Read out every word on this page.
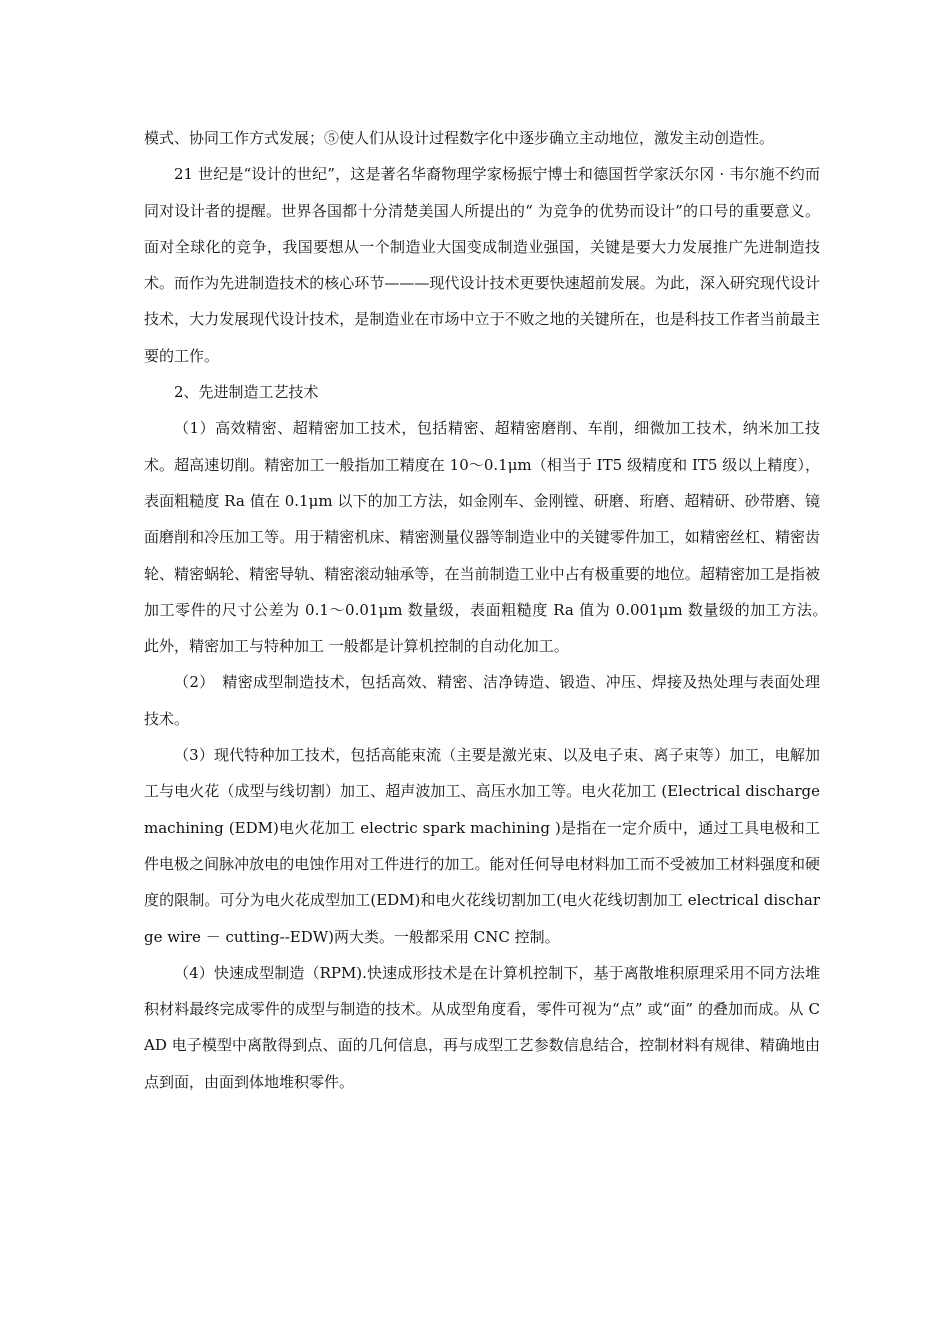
模式、协同工作方式发展；⑤使人们从设计过程数字化中逐步确立主动地位，激发主动创造性。

21 世纪是“设计的世纪”，这是著名华裔物理学家杨振宁博士和德国哲学家沃尔冈 · 韦尔施不约而同对设计者的提醒。世界各国都十分清楚美国人所提出的“ 为竞争的优势而设计”的口号的重要意义。面对全球化的竞争，我国要想从一个制造业大国变成制造业强国，关键是要大力发展推广先进制造技术。而作为先进制造技术的核心环节———现代设计技术更要快速超前发展。为此，深入研究现代设计技术，大力发展现代设计技术，是制造业在市场中立于不败之地的关键所在，也是科技工作者当前最主要的工作。

2、先进制造工艺技术

（1）高效精密、超精密加工技术，包括精密、超精密磨削、车削，细微加工技术，纳米加工技术。超高速切削。精密加工一般指加工精度在 10～0.1μm（相当于 IT5 级精度和 IT5 级以上精度），表面粗糙度 Ra 值在 0.1μm 以下的加工方法，如金刚车、金刚镗、研磨、珩磨、超精研、砂带磨、镜面磨削和冷压加工等。用于精密机床、精密测量仪器等制造业中的关键零件加工，如精密丝杠、精密齿轮、精密蜗轮、精密导轨、精密滚动轴承等，在当前制造工业中占有极重要的地位。超精密加工是指被加工零件的尺寸公差为 0.1～0.01μm 数量级，表面粗糙度 Ra 值为 0.001μm 数量级的加工方法。　此外，精密加工与特种加工 一般都是计算机控制的自动化加工。

（2）　精密成型制造技术，包括高效、精密、洁净铸造、锻造、冲压、焊接及热处理与表面处理技术。

（3）现代特种加工技术，包括高能束流（主要是激光束、以及电子束、离子束等）加工，电解加工与电火花（成型与线切割）加工、超声波加工、高压水加工等。电火花加工 (Electrical discharge machining (EDM)电火花加工 electric spark machining )是指在一定介质中，通过工具电极和工件电极之间脉冲放电的电蚀作用对工件进行的加工。能对任何导电材料加工而不受被加工材料强度和硬度的限制。可分为电火花成型加工(EDM)和电火花线切割加工(电火花线切割加工 electrical discharge wire － cutting--EDW)两大类。一般都采用 CNC 控制。

（4）快速成型制造（RPM).快速成形技术是在计算机控制下，基于离散堆积原理采用不同方法堆积材料最终完成零件的成型与制造的技术。从成型角度看，零件可视为“点” 或“面” 的叠加而成。从 CAD 电子模型中离散得到点、面的几何信息，再与成型工艺参数信息结合，控制材料有规律、精确地由点到面，由面到体地堆积零件。
